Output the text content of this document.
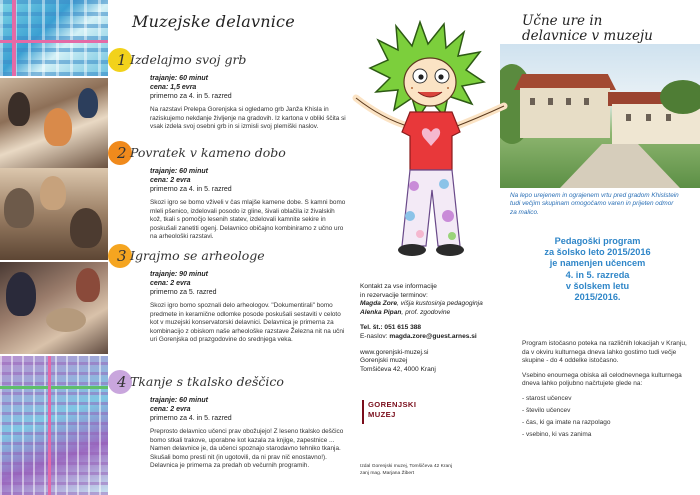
Muzejske delavnice
1 Izdelajmo svoj grb
trajanje: 60 minut
cena: 1,5 evra
primerno za 4. in 5. razred
Na razstavi Prelepa Gorenjska si ogledamo grb Janža Khisla in raziskujemo nekdanje življenje na gradovih. Iz kartona v obliki ščita si vsak izdela svoj osebni grb in si izmisli svoj plemiški naslov.
2 Povratek v kameno dobo
trajanje: 60 minut
cena: 2 evra
primerno za 4. in 5. razred
Skozi igro se bomo vživeli v čas mlajše kamene dobe. S kamni bomo mleli pšenico, izdelovali posodo iz gline, šivali oblačila iz živalskih kož, tkali s pomočjo lesenih statev, izdelovali kamnite sekire in poskušali zanetiti ogenj. Delavnico običajno kombiniramo z učno uro na arheološki razstavi.
3 Igrajmo se arheologe
trajanje: 90 minut
cena: 2 evra
primerno za 5. razred
Skozi igro bomo spoznali delo arheologov. "Dokumentirali" bomo predmete in keramične odlomke posode poskušali sestaviti v celoto kot v muzejski konservatorski delavnici. Delavnica je primerna za kombinacijo z obiskom naše arheološke razstave Železna nit na učni uri Gorenjska od prazgodovine do srednjega veka.
4 Tkanje s tkalsko deščico
trajanje: 60 minut
cena: 2 evra
primerno za 4. in 5. razred
Preprosto delavnico učenci prav obožujejo! Z leseno tkalsko deščico bomo stkali trakove, uporabne kot kazala za knjige, zapestnice ... Namen delavnice je, da učenci spoznajo starodavno tehniko tkanja. Skušali bomo presti nit (in ugotovili, da ni prav nič enostavno!). Delavnica je primerna za predah ob večurnih programih.
Učne ure in
delavnice v muzeju
Na lepo urejenem in ograjenem vrtu pred gradom Khislstein tudi večjim skupinam omogočamo varen in prijeten odmor za malico.
Pedagoški program
za šolsko leto 2015/2016
je namenjen učencem
4. in 5. razreda
v šolskem letu
2015/2016.

Kontakt za vse informacije

in rezervacije terminov:

Magda Zore, višja kustosinja pedagoginja

Alenka Pipan, prof. zgodovine

Tel. št.: 051 615 388

E-naslov: magda.zore@guest.arnes.si

www.gorenjski-muzej.si

Gorenjski muzej

Tomšičeva 42, 4000 Kranj

GORENJSKI
MUZEJ
Izdal Gorenjski muzej, Tomšičeva 42 Kranj
zanj mag. Marjana Žibert

Program istočasno poteka na različnih lokacijah v Kranju, da v okviru kulturnega dneva lahko gostimo tudi večje skupine - do 4 oddelke istočasno.

Vsebino enournega obiska ali celodnevnega kulturnega dneva lahko poljubno načrtujete glede na:

- starost učencev
- število učencev
- čas, ki ga imate na razpolago
- vsebino, ki vas zanima
